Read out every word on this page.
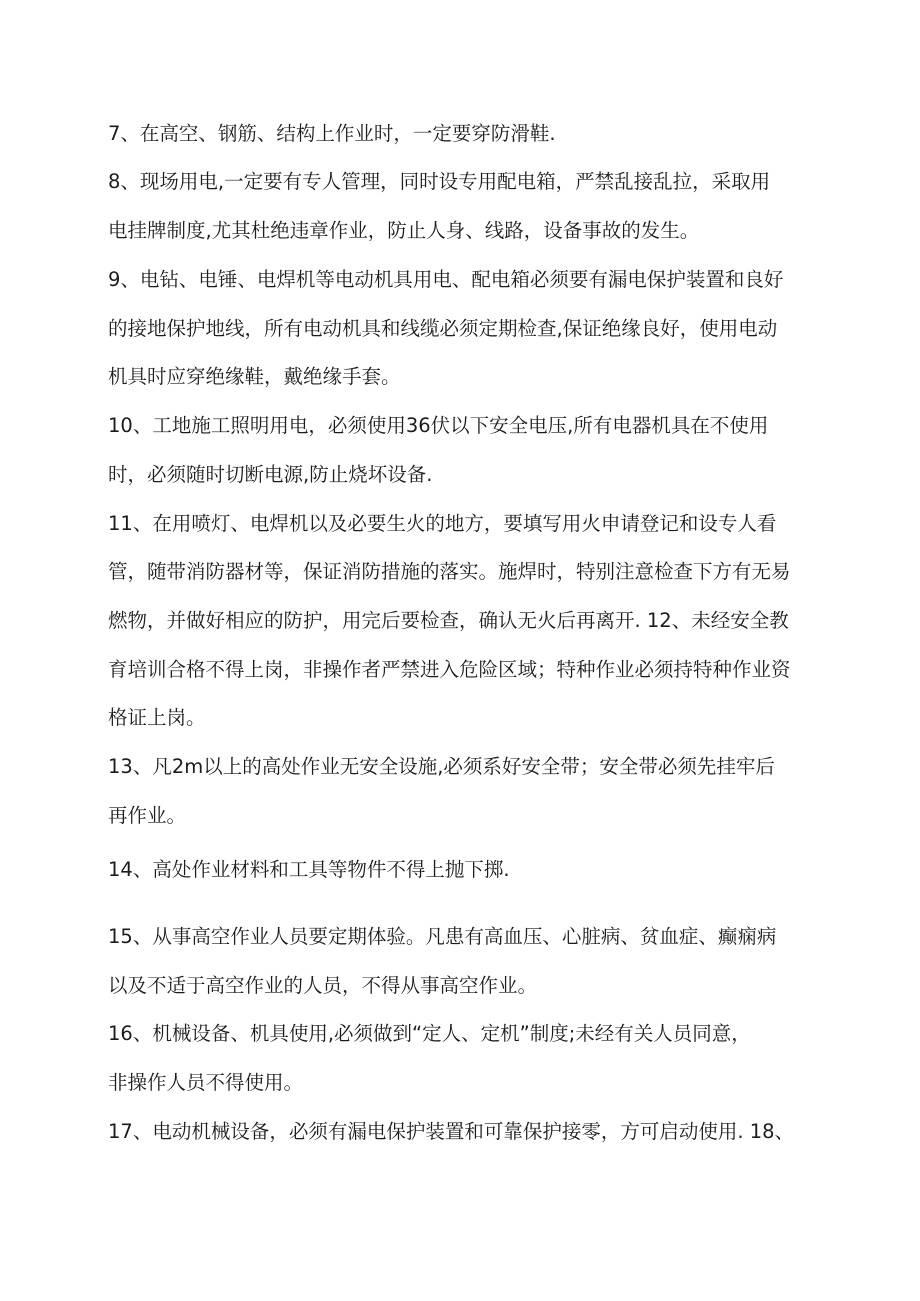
7、在高空、钢筋、结构上作业时，一定要穿防滑鞋.
8、现场用电,一定要有专人管理，同时设专用配电箱，严禁乱接乱拉，采取用
电挂牌制度,尤其杜绝违章作业，防止人身、线路，设备事故的发生。
9、电钻、电锤、电焊机等电动机具用电、配电箱必须要有漏电保护装置和良好
的接地保护地线，所有电动机具和线缆必须定期检查,保证绝缘良好，使用电动
机具时应穿绝缘鞋，戴绝缘手套。
10、工地施工照明用电，必须使用36伏以下安全电压,所有电器机具在不使用
时，必须随时切断电源,防止烧坏设备.
11、在用喷灯、电焊机以及必要生火的地方，要填写用火申请登记和设专人看
管，随带消防器材等，保证消防措施的落实。施焊时，特别注意检查下方有无易
燃物，并做好相应的防护，用完后要检查，确认无火后再离开. 12、未经安全教
育培训合格不得上岗，非操作者严禁进入危险区域；特种作业必须持特种作业资
格证上岗。
13、凡2m以上的高处作业无安全设施,必须系好安全带；安全带必须先挂牢后
再作业。
14、高处作业材料和工具等物件不得上抛下掷.
15、从事高空作业人员要定期体验。凡患有高血压、心脏病、贫血症、癫痫病
以及不适于高空作业的人员，不得从事高空作业。
16、机械设备、机具使用,必须做到“定人、定机”制度;未经有关人员同意，
非操作人员不得使用。
17、电动机械设备，必须有漏电保护装置和可靠保护接零，方可启动使用. 18、
